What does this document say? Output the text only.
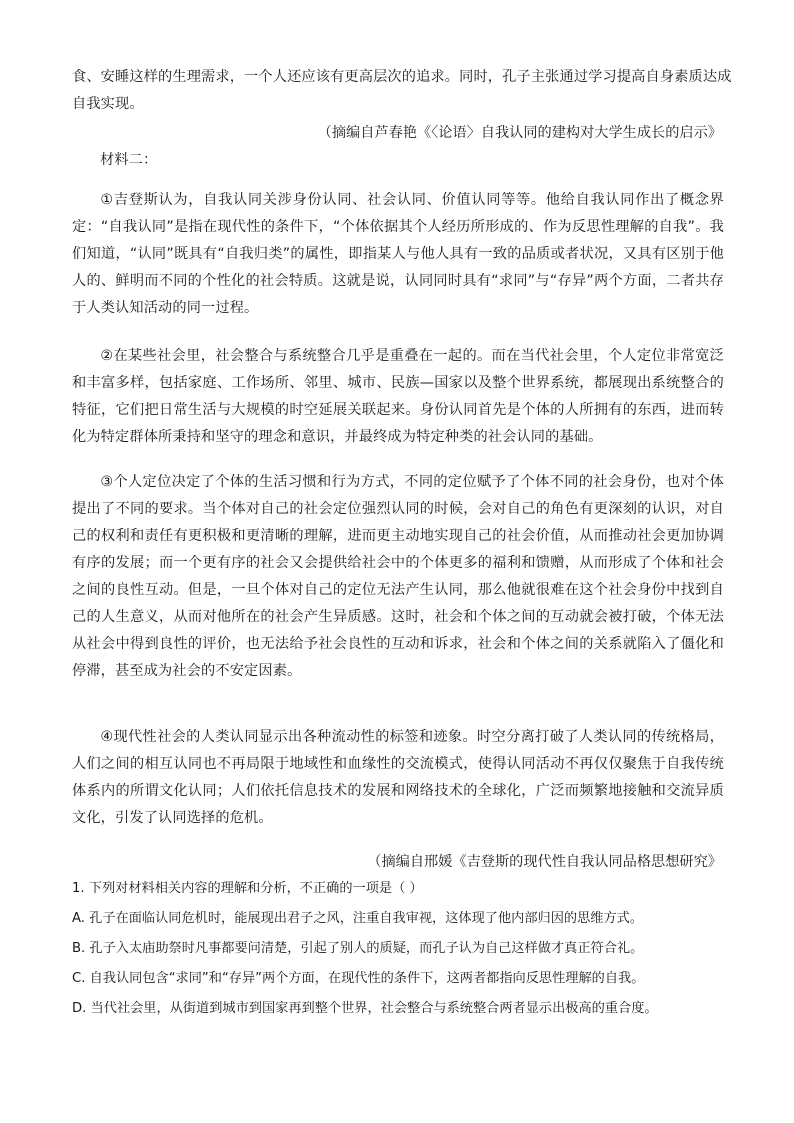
食、安睡这样的生理需求，一个人还应该有更高层次的追求。同时，孔子主张通过学习提高自身素质达成
自我实现。
（摘编自芦春艳《〈论语〉自我认同的建构对大学生成长的启示》
材料二：
①吉登斯认为，自我认同关涉身份认同、社会认同、价值认同等等。他给自我认同作出了概念界定：“自我认同”是指在现代性的条件下，“个体依据其个人经历所形成的、作为反思性理解的自我”。我们知道，“认同”既具有“自我归类”的属性，即指某人与他人具有一致的品质或者状况，又具有区别于他人的、鲜明而不同的个性化的社会特质。这就是说，认同同时具有“求同”与“存异”两个方面，二者共存于人类认知活动的同一过程。
②在某些社会里，社会整合与系统整合几乎是重叠在一起的。而在当代社会里，个人定位非常宽泛和丰富多样，包括家庭、工作场所、邻里、城市、民族—国家以及整个世界系统，都展现出系统整合的特征，它们把日常生活与大规模的时空延展关联起来。身份认同首先是个体的人所拥有的东西，进而转化为特定群体所秉持和坚守的理念和意识，并最终成为特定种类的社会认同的基础。
③个人定位决定了个体的生活习惯和行为方式，不同的定位赋予了个体不同的社会身份，也对个体提出了不同的要求。当个体对自己的社会定位强烈认同的时候，会对自己的角色有更深刻的认识，对自己的权利和责任有更积极和更清晰的理解，进而更主动地实现自己的社会价值，从而推动社会更加协调有序的发展；而一个更有序的社会又会提供给社会中的个体更多的福利和馈赠，从而形成了个体和社会之间的良性互动。但是，一旦个体对自己的定位无法产生认同，那么他就很难在这个社会身份中找到自己的人生意义，从而对他所在的社会产生异质感。这时，社会和个体之间的互动就会被打破，个体无法从社会中得到良性的评价，也无法给予社会良性的互动和诉求，社会和个体之间的关系就陷入了僵化和停滞，甚至成为社会的不安定因素。
④现代性社会的人类认同显示出各种流动性的标签和迹象。时空分离打破了人类认同的传统格局，人们之间的相互认同也不再局限于地域性和血缘性的交流模式，使得认同活动不再仅仅聚焦于自我传统体系内的所谓文化认同；人们依托信息技术的发展和网络技术的全球化，广泛而频繁地接触和交流异质文化，引发了认同选择的危机。
（摘编自邢媛《吉登斯的现代性自我认同品格思想研究》
1. 下列对材料相关内容的理解和分析，不正确的一项是（ ）
A. 孔子在面临认同危机时，能展现出君子之风，注重自我审视，这体现了他内部归因的思维方式。
B. 孔子入太庙助祭时凡事都要问清楚，引起了别人的质疑，而孔子认为自己这样做才真正符合礼。
C. 自我认同包含“求同”和“存异”两个方面，在现代性的条件下，这两者都指向反思性理解的自我。
D. 当代社会里，从街道到城市到国家再到整个世界，社会整合与系统整合两者显示出极高的重合度。
